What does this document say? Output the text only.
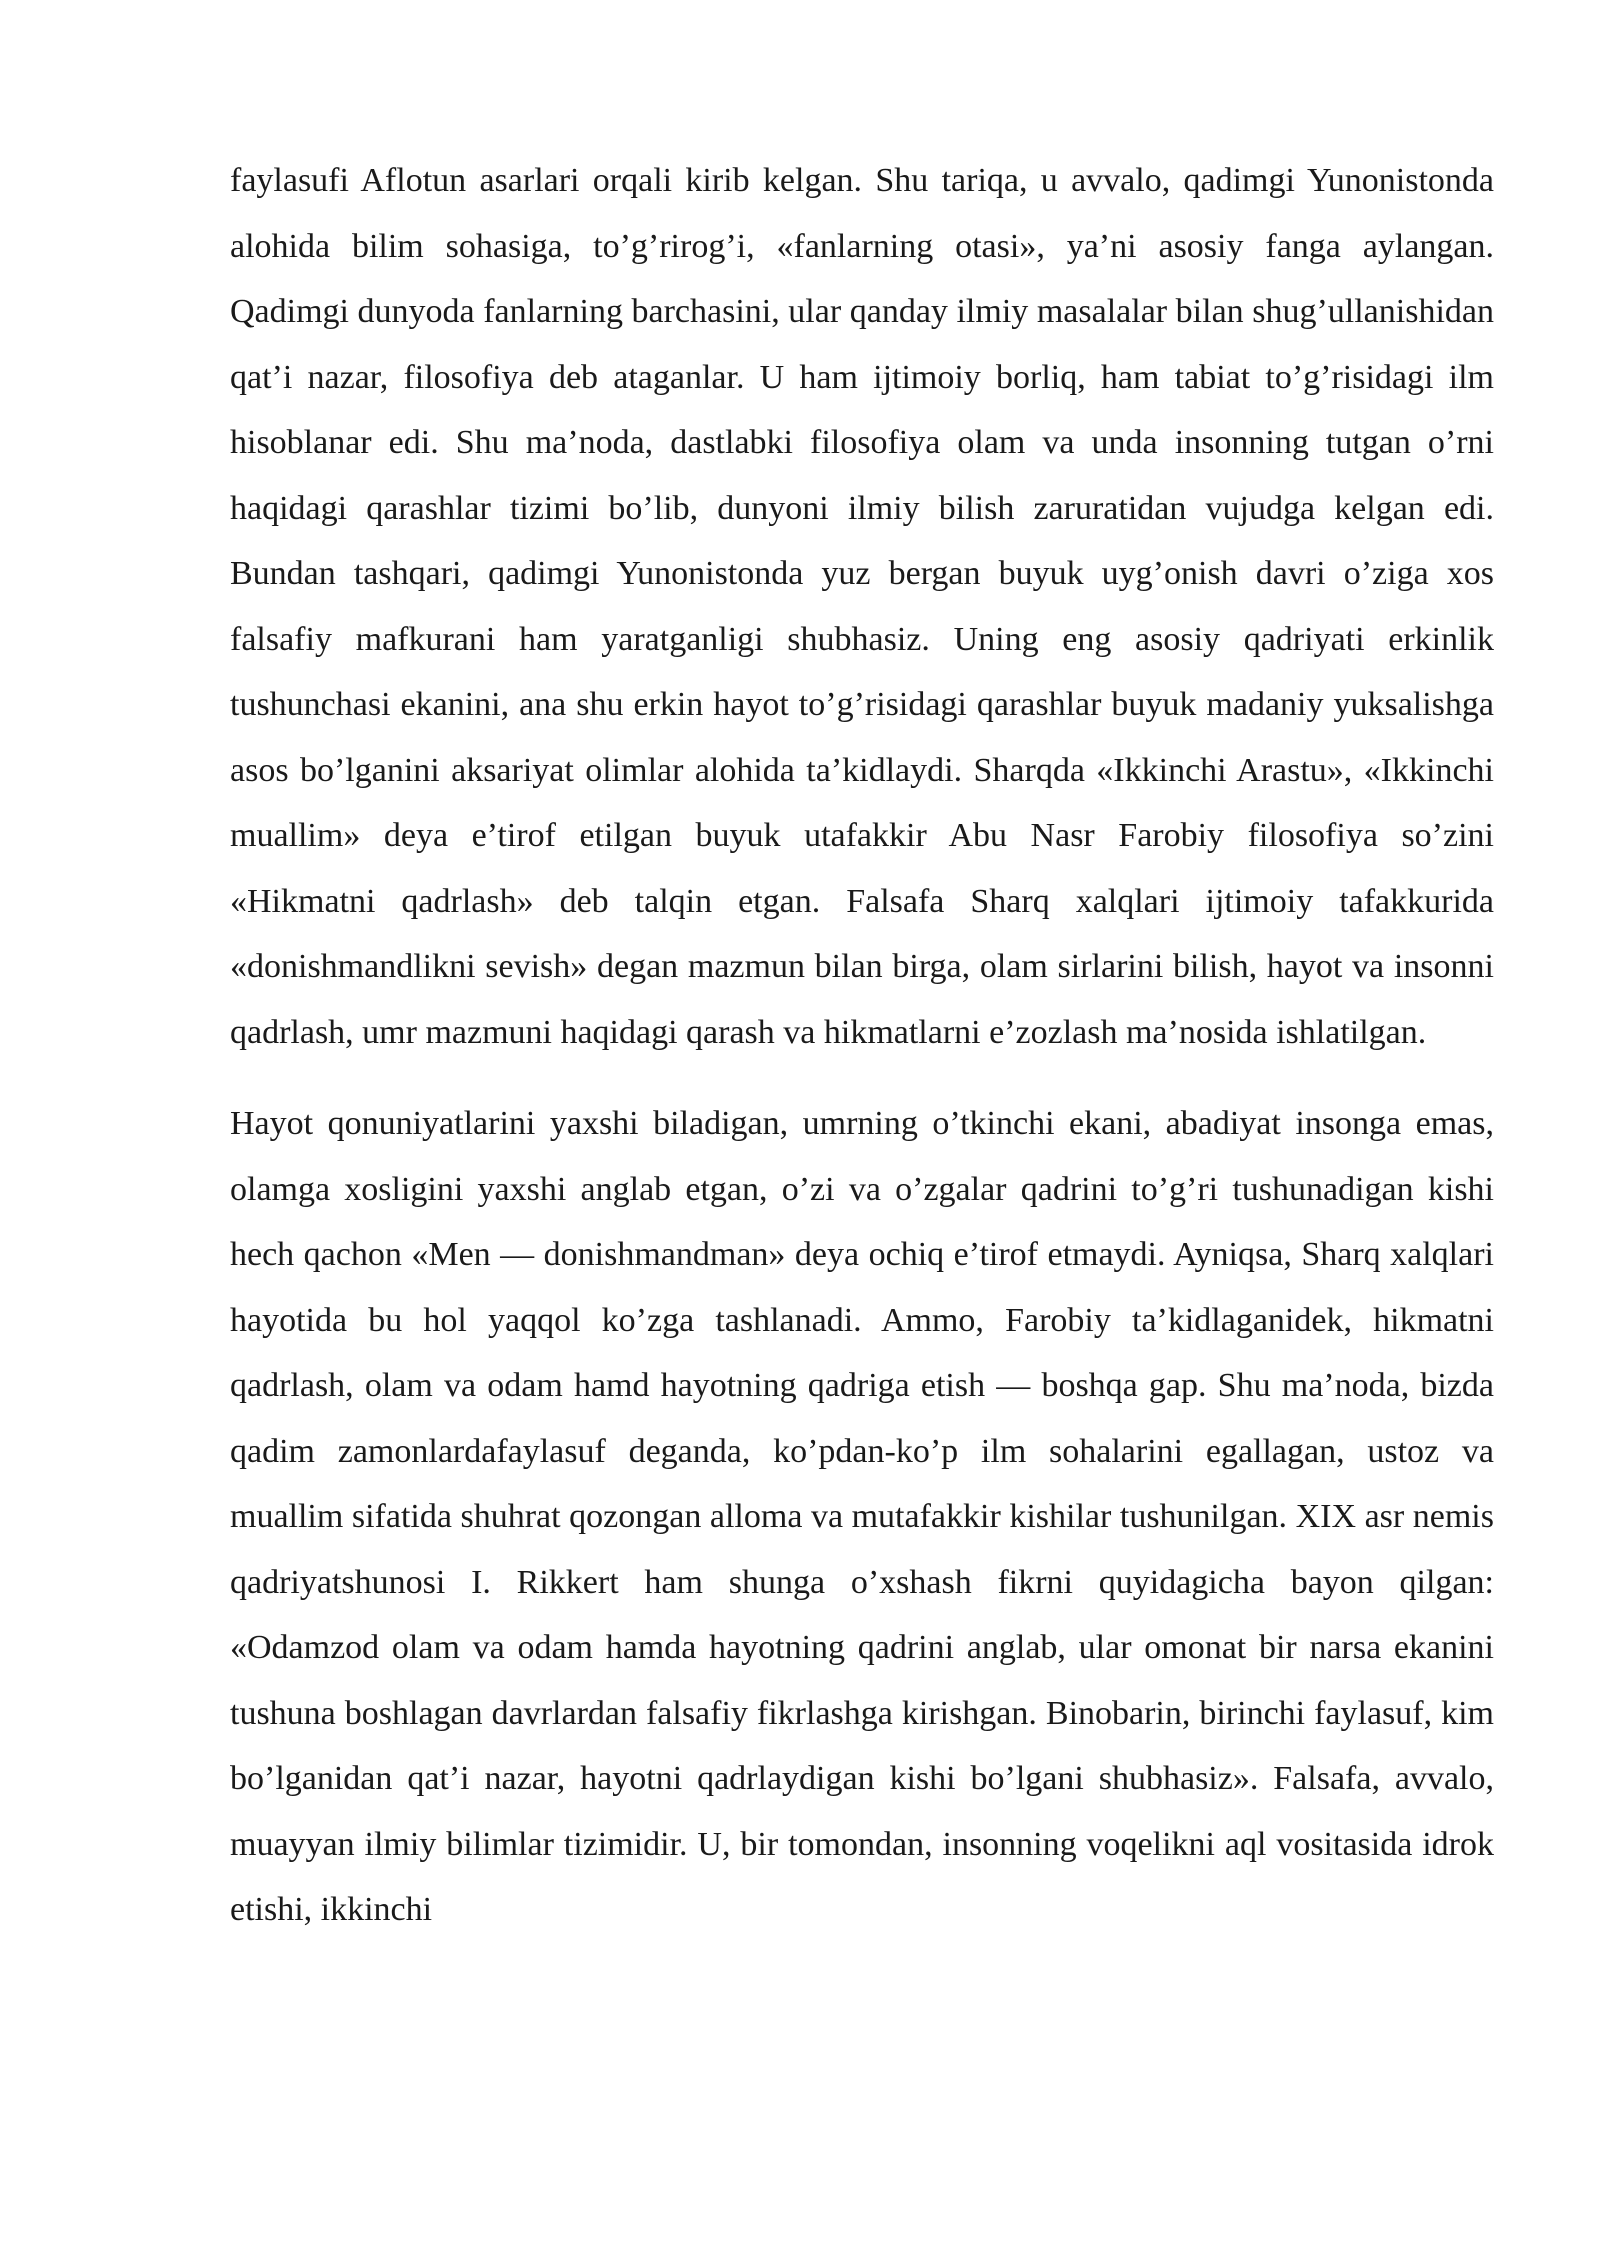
faylasufi Aflotun asarlari orqali kirib kelgan. Shu tariqa, u avvalo, qadimgi Yunonistonda alohida bilim sohasiga, to’g’rirog’i, «fanlarning otasi», ya’ni asosiy fanga aylangan. Qadimgi dunyoda fanlarning barchasini, ular qanday ilmiy masalalar bilan shug’ullanishidan qat’i nazar, filosofiya deb ataganlar. U ham ijtimoiy borliq, ham tabiat to’g’risidagi ilm hisoblanar edi. Shu ma’noda, dastlabki filosofiya olam va unda insonning tutgan o’rni haqidagi qarashlar tizimi bo’lib, dunyoni ilmiy bilish zaruratidan vujudga kelgan edi. Bundan tashqari, qadimgi Yunonistonda yuz bergan buyuk uyg’onish davri o’ziga xos falsafiy mafkurani ham yaratganligi shubhasiz. Uning eng asosiy qadriyati erkinlik tushunchasi ekanini, ana shu erkin hayot to’g’risidagi qarashlar buyuk madaniy yuksalishga asos bo’lganini aksariyat olimlar alohida ta’kidlaydi. Sharqda «Ikkinchi Arastu», «Ikkinchi muallim» deya e’tirof etilgan buyuk utafakkir Abu Nasr Farobiy filosofiya so’zini «Hikmatni qadrlash» deb talqin etgan. Falsafa Sharq xalqlari ijtimoiy tafakkurida «donishmandlikni sevish» degan mazmun bilan birga, olam sirlarini bilish, hayot va insonni qadrlash, umr mazmuni haqidagi qarash va hikmatlarni e’zozlash ma’nosida ishlatilgan.

Hayot qonuniyatlarini yaxshi biladigan, umrning o’tkinchi ekani, abadiyat insonga emas, olamga xosligini yaxshi anglab etgan, o’zi va o’zgalar qadrini to’g’ri tushunadigan kishi hech qachon «Men — donishmandman» deya ochiq e’tirof etmaydi. Ayniqsa, Sharq xalqlari hayotida bu hol yaqqol ko’zga tashlanadi. Ammo, Farobiy ta’kidlaganidek, hikmatni qadrlash, olam va odam hamd hayotning qadriga etish — boshqa gap. Shu ma’noda, bizda qadim zamonlardafaylasuf deganda, ko’pdan-ko’p ilm sohalarini egallagan, ustoz va muallim sifatida shuhrat qozongan alloma va mutafakkir kishilar tushunilgan. XIX asr nemis qadriyatshunosi I. Rikkert ham shunga o’xshash fikrni quyidagicha bayon qilgan: «Odamzod olam va odam hamda hayotning qadrini anglab, ular omonat bir narsa ekanini tushuna boshlagan davrlardan falsafiy fikrlashga kirishgan. Binobarin, birinchi faylasuf, kim bo’lganidan qat’i nazar, hayotni qadrlaydigan kishi bo’lgani shubhasiz». Falsafa, avvalo, muayyan ilmiy bilimlar tizimidir. U, bir tomondan, insonning voqelikni aql vositasida idrok etishi, ikkinchi
